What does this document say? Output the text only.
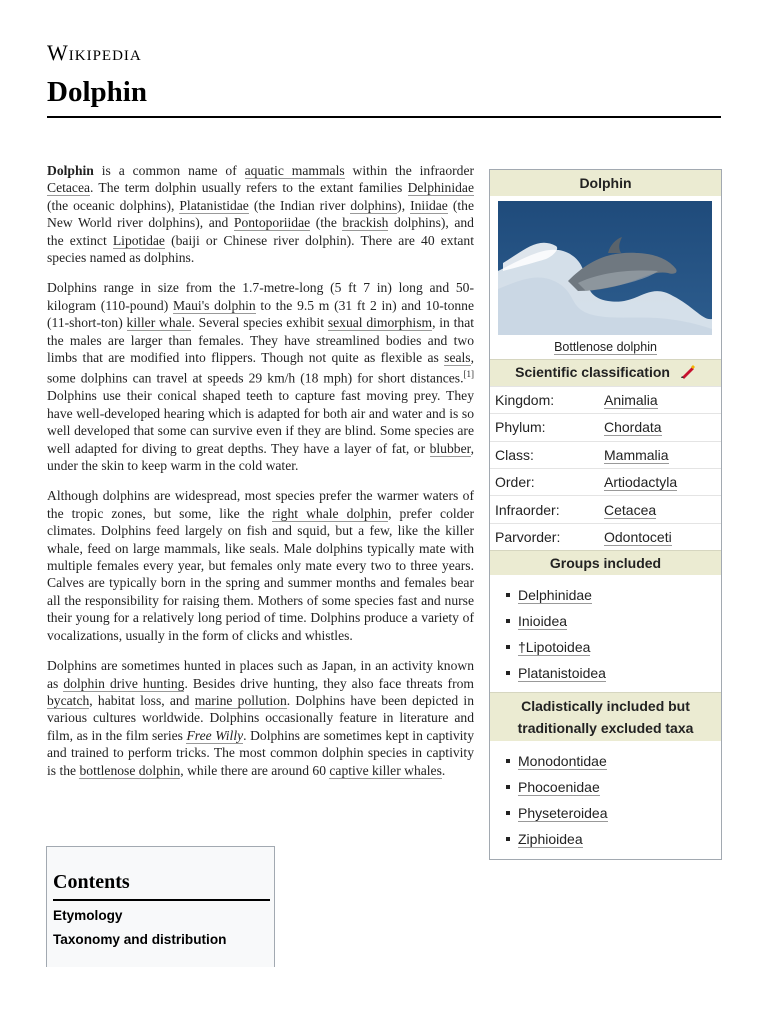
Wikipedia
Dolphin

Dolphin is a common name of aquatic mammals within the infraorder Cetacea. The term dolphin usually refers to the extant families Delphinidae (the oceanic dolphins), Platanistidae (the Indian river dolphins), Iniidae (the New World river dolphins), and Pontoporiidae (the brackish dolphins), and the extinct Lipotidae (baiji or Chinese river dolphin). There are 40 extant species named as dolphins.

Dolphins range in size from the 1.7-metre-long (5 ft 7 in) long and 50-kilogram (110-pound) Maui's dolphin to the 9.5 m (31 ft 2 in) and 10-tonne (11-short-ton) killer whale. Several species exhibit sexual dimorphism, in that the males are larger than females. They have streamlined bodies and two limbs that are modified into flippers. Though not quite as flexible as seals, some dolphins can travel at speeds 29 km/h (18 mph) for short distances.[1] Dolphins use their conical shaped teeth to capture fast moving prey. They have well-developed hearing which is adapted for both air and water and is so well developed that some can survive even if they are blind. Some species are well adapted for diving to great depths. They have a layer of fat, or blubber, under the skin to keep warm in the cold water.

Although dolphins are widespread, most species prefer the warmer waters of the tropic zones, but some, like the right whale dolphin, prefer colder climates. Dolphins feed largely on fish and squid, but a few, like the killer whale, feed on large mammals, like seals. Male dolphins typically mate with multiple females every year, but females only mate every two to three years. Calves are typically born in the spring and summer months and females bear all the responsibility for raising them. Mothers of some species fast and nurse their young for a relatively long period of time. Dolphins produce a variety of vocalizations, usually in the form of clicks and whistles.

Dolphins are sometimes hunted in places such as Japan, in an activity known as dolphin drive hunting. Besides drive hunting, they also face threats from bycatch, habitat loss, and marine pollution. Dolphins have been depicted in various cultures worldwide. Dolphins occasionally feature in literature and film, as in the film series Free Willy. Dolphins are sometimes kept in captivity and trained to perform tricks. The most common dolphin species in captivity is the bottlenose dolphin, while there are around 60 captive killer whales.

Dolphin
Bottlenose dolphin
Scientific classification
Kingdom:	Animalia
Phylum:	Chordata
Class:	Mammalia
Order:	Artiodactyla
Infraorder:	Cetacea
Parvorder:	Odontoceti
Groups included
Delphinidae
Inioidea
†Lipotoidea
Platanistoidea
Cladistically included but traditionally excluded taxa
Monodontidae
Phocoenidae
Physeteroidea
Ziphioidea
Contents
Etymology
Taxonomy and distribution
